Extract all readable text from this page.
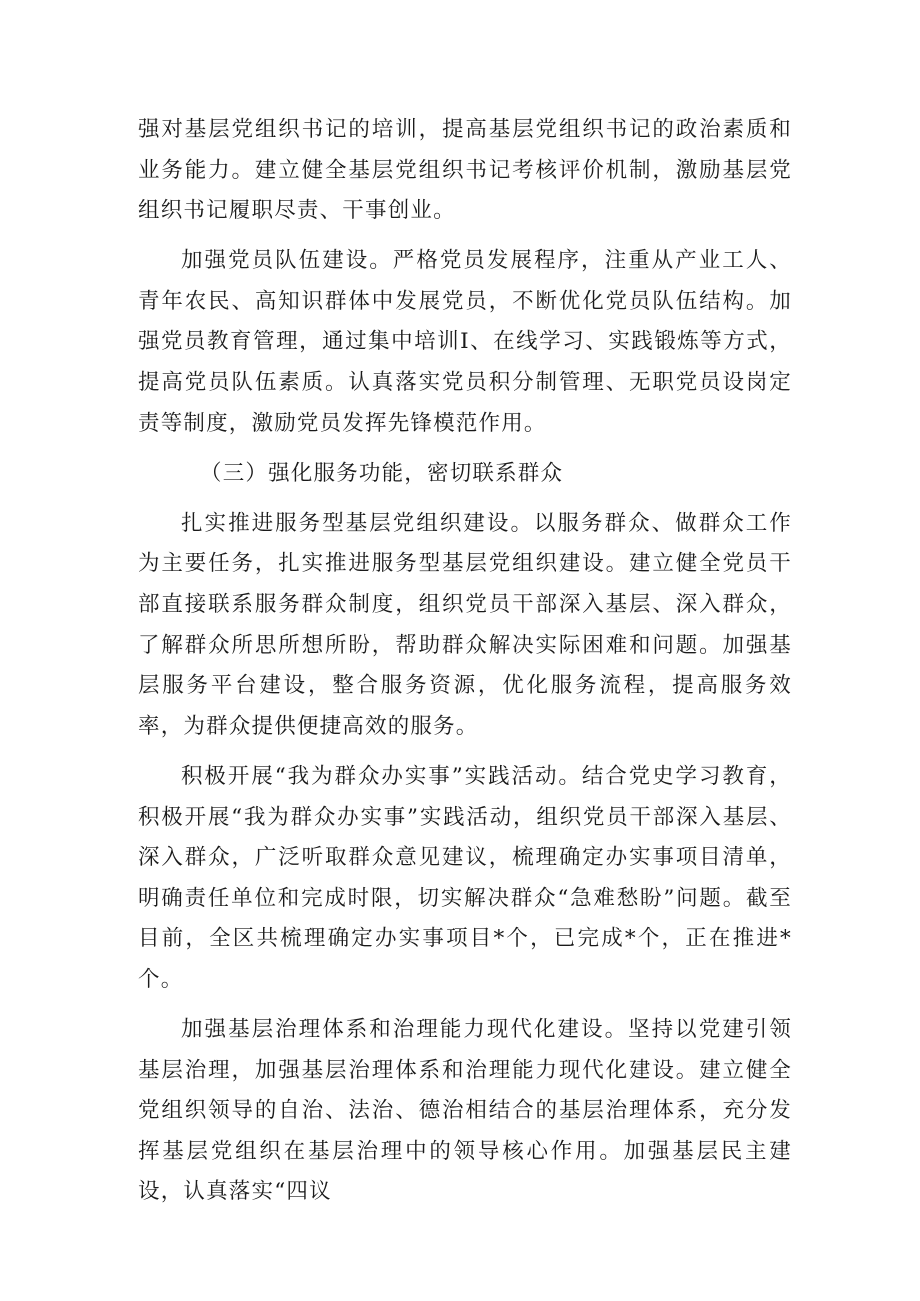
强对基层党组织书记的培训，提高基层党组织书记的政治素质和业务能力。建立健全基层党组织书记考核评价机制，激励基层党组织书记履职尽责、干事创业。

加强党员队伍建设。严格党员发展程序，注重从产业工人、青年农民、高知识群体中发展党员，不断优化党员队伍结构。加强党员教育管理，通过集中培训I、在线学习、实践锻炼等方式，提高党员队伍素质。认真落实党员积分制管理、无职党员设岗定责等制度，激励党员发挥先锋模范作用。

（三）强化服务功能，密切联系群众

扎实推进服务型基层党组织建设。以服务群众、做群众工作为主要任务，扎实推进服务型基层党组织建设。建立健全党员干部直接联系服务群众制度，组织党员干部深入基层、深入群众，了解群众所思所想所盼，帮助群众解决实际困难和问题。加强基层服务平台建设，整合服务资源，优化服务流程，提高服务效率，为群众提供便捷高效的服务。

积极开展“我为群众办实事”实践活动。结合党史学习教育，积极开展“我为群众办实事”实践活动，组织党员干部深入基层、深入群众，广泛听取群众意见建议，梳理确定办实事项目清单，明确责任单位和完成时限，切实解决群众“急难愁盼”问题。截至目前，全区共梳理确定办实事项目*个，已完成*个，正在推进*个。

加强基层治理体系和治理能力现代化建设。坚持以党建引领基层治理，加强基层治理体系和治理能力现代化建设。建立健全党组织领导的自治、法治、德治相结合的基层治理体系，充分发挥基层党组织在基层治理中的领导核心作用。加强基层民主建设，认真落实“四议
